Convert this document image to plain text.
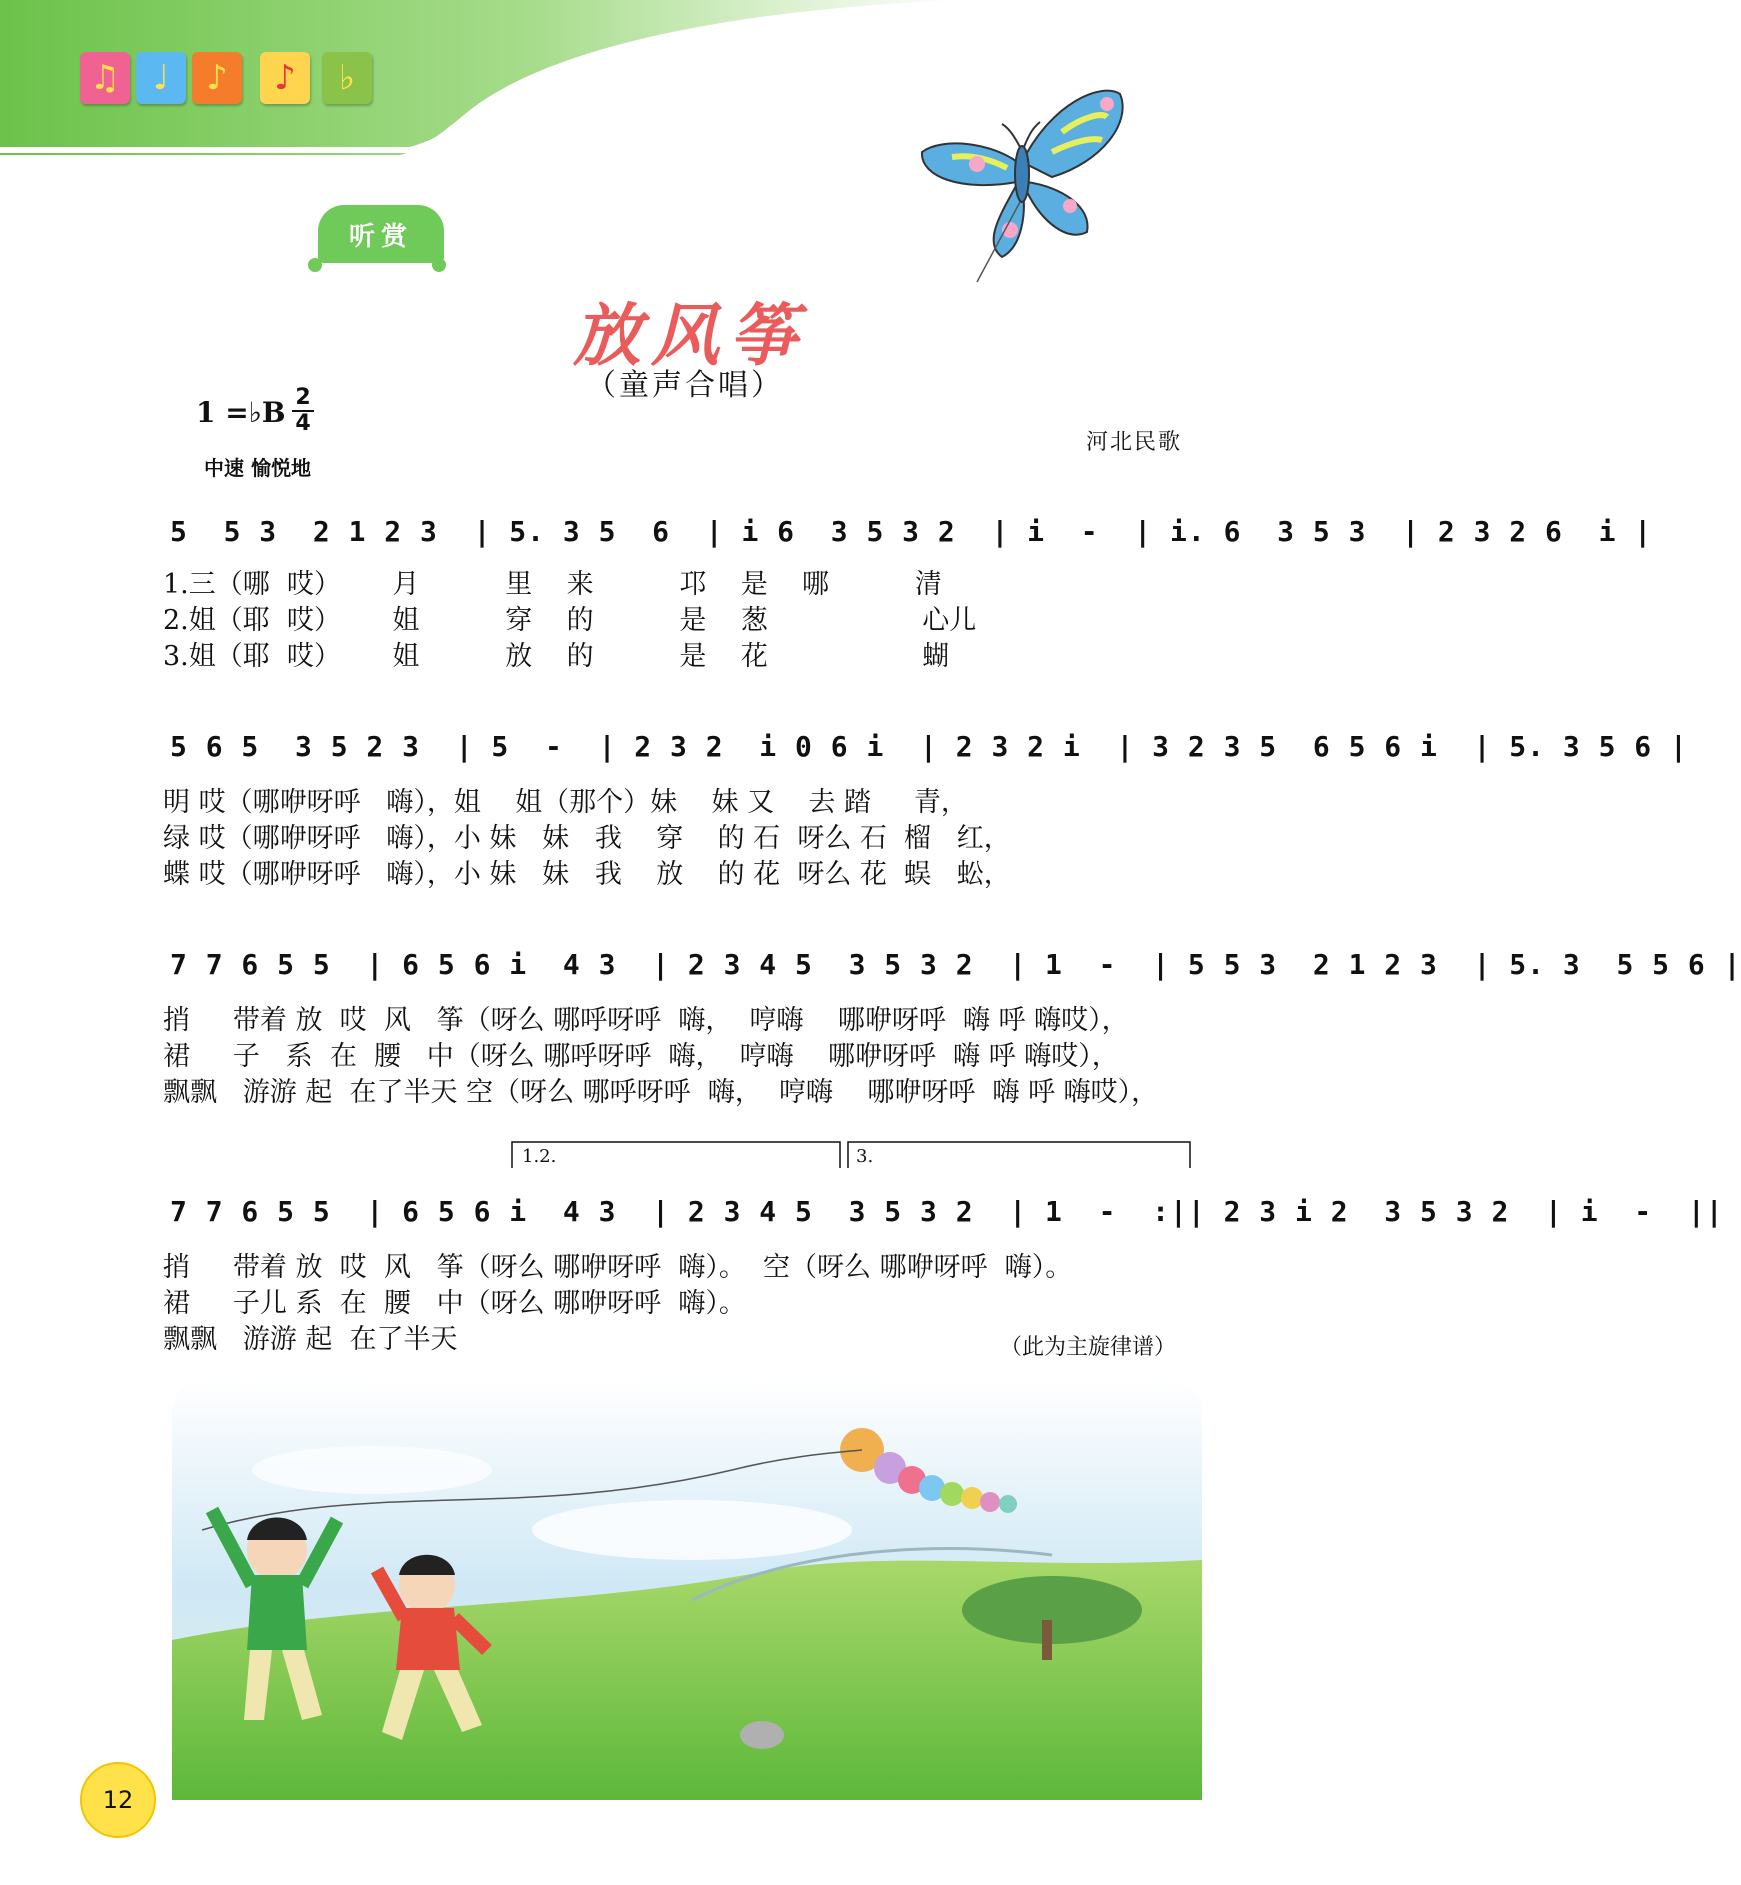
♫ ♩ ♪ ♪ ♭
听赏
放风筝
（童声合唱）
1 =♭B 2
4
中速 愉悦地
河北民歌
5  5 3  2 1 2 3  | 5. 3 5  6  | i 6  3 5 3 2  | i  -  | i. 6  3 5 3  | 2 3 2 6  i |
1.三（哪  哎）      月          里    来          邛    是    哪          清
2.姐（耶  哎）      姐          穿    的          是    葱                  心儿
3.姐（耶  哎）      姐          放    的          是    花                  蝴
5 6 5  3 5 2 3  | 5  -  | 2 3 2  i 0 6 i  | 2 3 2 i  | 3 2 3 5  6 5 6 i  | 5. 3 5 6 |
明 哎（哪咿呀呼   嗨），姐    姐（那个）妹    妹 又    去 踏     青，
绿 哎（哪咿呀呼   嗨），小 妹   妹   我    穿    的 石  呀么 石  榴   红，
蝶 哎（哪咿呀呼   嗨），小 妹   妹   我    放    的 花  呀么 花  蜈   蚣，
7 7 6 5 5  | 6 5 6 i  4 3  | 2 3 4 5  3 5 3 2  | 1  -  | 5 5 3  2 1 2 3  | 5. 3  5 5 6 |
捎     带着 放  哎  风   筝（呀么 哪呼呀呼  嗨，  哼嗨    哪咿呀呼  嗨 呼 嗨哎），
裙     子   系  在  腰   中（呀么 哪呼呀呼  嗨，  哼嗨    哪咿呀呼  嗨 呼 嗨哎），
飘飘   游游 起  在了半天 空（呀么 哪呼呀呼  嗨，  哼嗨    哪咿呀呼  嗨 呼 嗨哎），
1.2.	3.
7 7 6 5 5  | 6 5 6 i  4 3  | 2 3 4 5  3 5 3 2  | 1  -  :|| 2 3 i 2  3 5 3 2  | i  -  ||
捎     带着 放  哎  风   筝（呀么 哪咿呀呼  嗨）。  空（呀么 哪咿呀呼  嗨）。
裙     子儿 系  在  腰   中（呀么 哪咿呀呼  嗨）。
飘飘   游游 起  在了半天	（此为主旋律谱）
12
